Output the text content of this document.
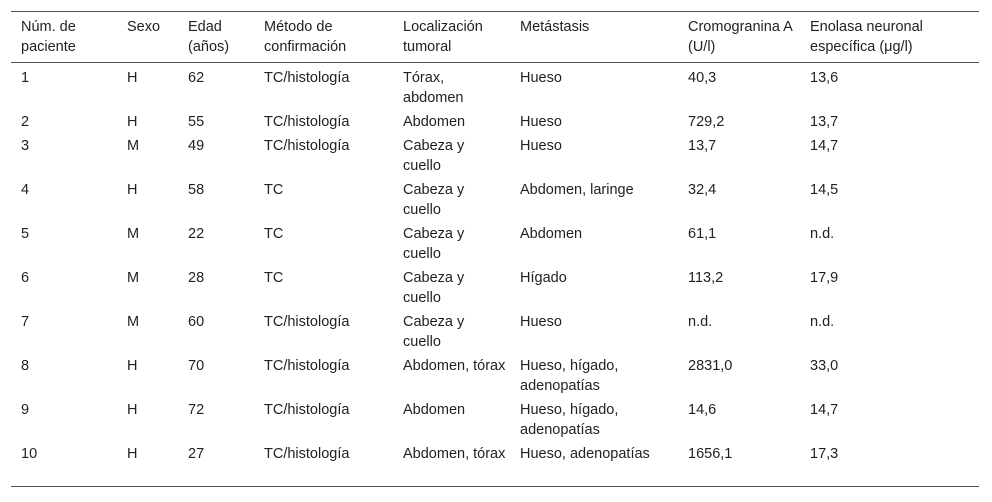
Núm. de paciente	Sexo	Edad (años)	Método de confirmación	Localización tumoral	Metástasis	Cromogranina A (U/l)	Enolasa neuronal específica (μg/l)
1	H	62	TC/histología	Tórax, abdomen	Hueso	40,3	13,6
2	H	55	TC/histología	Abdomen	Hueso	729,2	13,7
3	M	49	TC/histología	Cabeza y cuello	Hueso	13,7	14,7
4	H	58	TC	Cabeza y cuello	Abdomen, laringe	32,4	14,5
5	M	22	TC	Cabeza y cuello	Abdomen	61,1	n.d.
6	M	28	TC	Cabeza y cuello	Hígado	113,2	17,9
7	M	60	TC/histología	Cabeza y cuello	Hueso	n.d.	n.d.
8	H	70	TC/histología	Abdomen, tórax	Hueso, hígado, adenopatías	2831,0	33,0
9	H	72	TC/histología	Abdomen	Hueso, hígado, adenopatías	14,6	14,7
10	H	27	TC/histología	Abdomen, tórax	Hueso, adenopatías	1656,1	17,3
